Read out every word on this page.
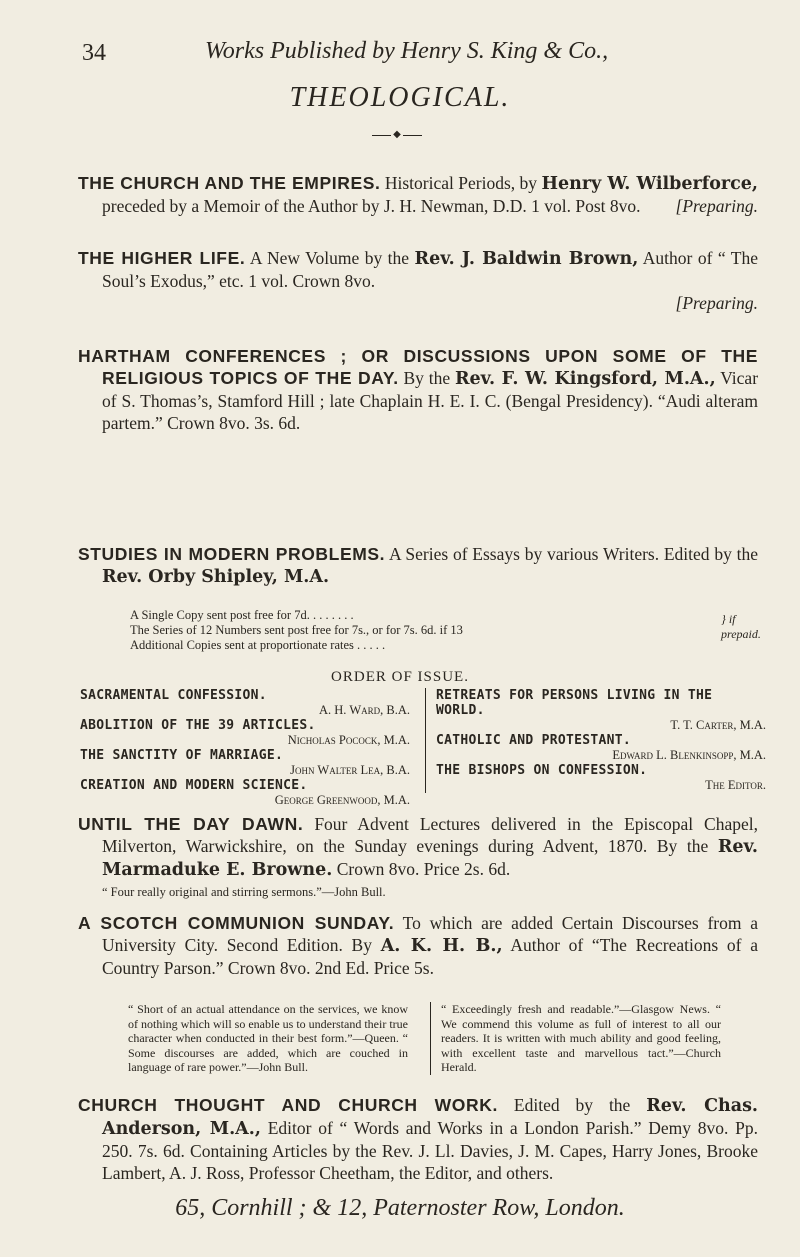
34	Works Published by Henry S. King & Co.,
THEOLOGICAL.
◆

THE CHURCH AND THE EMPIRES. Historical Periods, by Henry W. Wilberforce, preceded by a Memoir of the Author by J. H. Newman, D.D. 1 vol. Post 8vo. [Preparing.

THE HIGHER LIFE. A New Volume by the Rev. J. Baldwin Brown, Author of “ The Soul’s Exodus,” etc. 1 vol. Crown 8vo.

[Preparing.

HARTHAM CONFERENCES ; OR DISCUSSIONS UPON SOME OF THE RELIGIOUS TOPICS OF THE DAY. By the Rev. F. W. Kingsford, M.A., Vicar of S. Thomas’s, Stamford Hill ; late Chaplain H. E. I. C. (Bengal Presidency). “Audi alteram partem.” Crown 8vo. 3s. 6d.

STUDIES IN MODERN PROBLEMS. A Series of Essays by various Writers. Edited by the Rev. Orby Shipley, M.A.

A Single Copy sent post free for 7d. . . . . . . .
The Series of 12 Numbers sent post free for 7s., or for 7s. 6d. if 13
Additional Copies sent at proportionate rates . . . . .
} if prepaid.
ORDER OF ISSUE.
SACRAMENTAL CONFESSION.
A. H. Ward, B.A.
ABOLITION OF THE 39 ARTICLES.
Nicholas Pocock, M.A.
THE SANCTITY OF MARRIAGE.
John Walter Lea, B.A.
CREATION AND MODERN SCIENCE.
George Greenwood, M.A.
RETREATS FOR PERSONS LIVING IN THE WORLD.
T. T. Carter, M.A.
CATHOLIC AND PROTESTANT.
Edward L. Blenkinsopp, M.A.
THE BISHOPS ON CONFESSION.
The Editor.

UNTIL THE DAY DAWN. Four Advent Lectures delivered in the Episcopal Chapel, Milverton, Warwickshire, on the Sunday evenings during Advent, 1870. By the Rev. Marmaduke E. Browne. Crown 8vo. Price 2s. 6d.

“ Four really original and stirring sermons.”—John Bull.

A SCOTCH COMMUNION SUNDAY. To which are added Certain Discourses from a University City. Second Edition. By A. K. H. B., Author of “The Recreations of a Country Parson.” Crown 8vo. 2nd Ed. Price 5s.

“ Short of an actual attendance on the services, we know of nothing which will so enable us to understand their true character when conducted in their best form.”—Queen. “ Some discourses are added, which are couched in language of rare power.”—John Bull.
“ Exceedingly fresh and readable.”—Glasgow News. “ We commend this volume as full of interest to all our readers. It is written with much ability and good feeling, with excellent taste and marvellous tact.”—Church Herald.

CHURCH THOUGHT AND CHURCH WORK. Edited by the Rev. Chas. Anderson, M.A., Editor of “ Words and Works in a London Parish.” Demy 8vo. Pp. 250. 7s. 6d. Containing Articles by the Rev. J. Ll. Davies, J. M. Capes, Harry Jones, Brooke Lambert, A. J. Ross, Professor Cheetham, the Editor, and others.

65, Cornhill ; & 12, Paternoster Row, London.
